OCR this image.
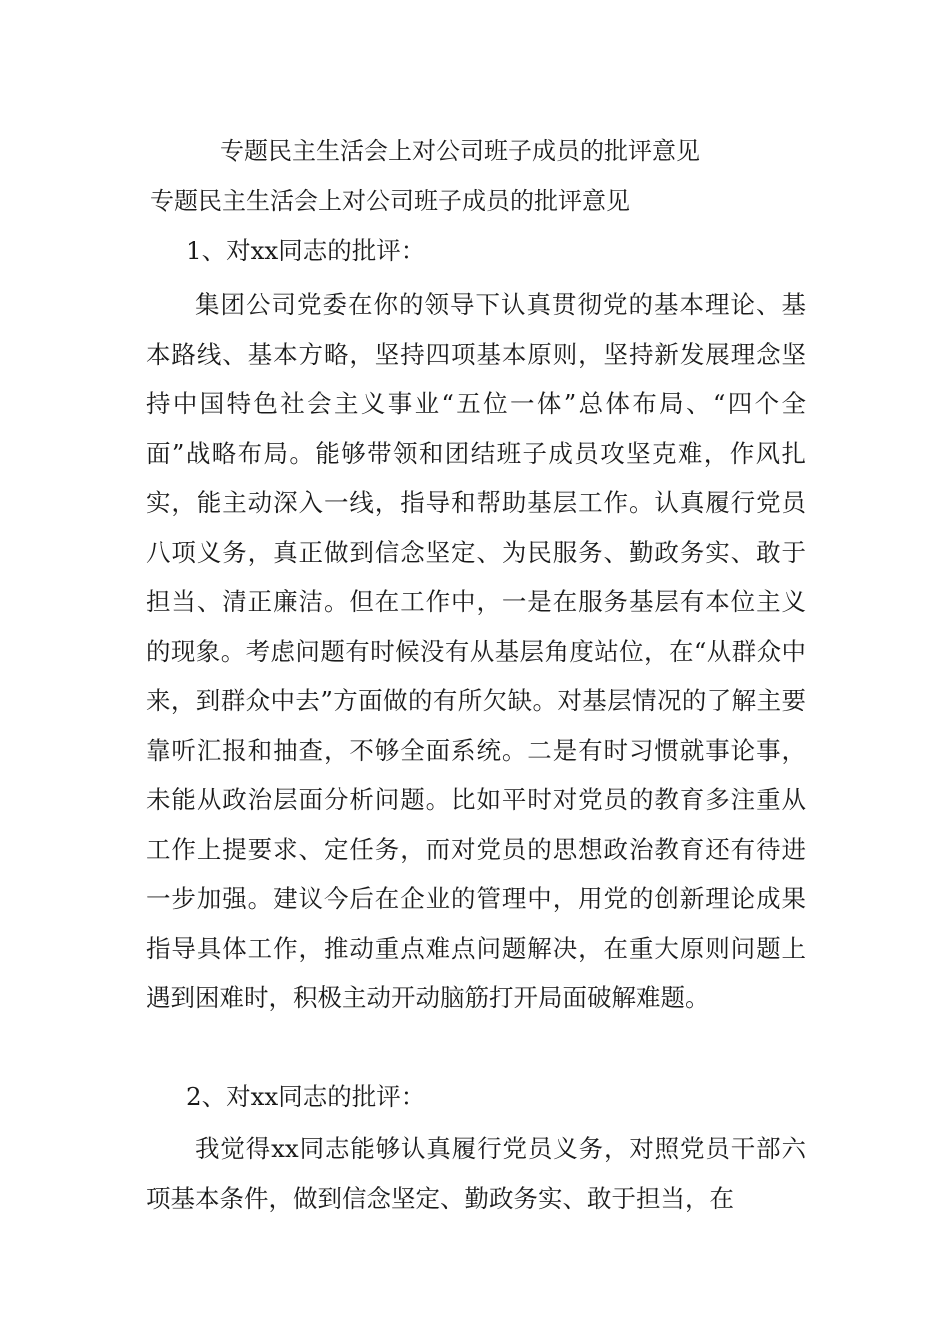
专题民主生活会上对公司班子成员的批评意见

专题民主生活会上对公司班子成员的批评意见

1、对xx同志的批评：

集团公司党委在你的领导下认真贯彻党的基本理论、基本路线、基本方略，坚持四项基本原则，坚持新发展理念坚持中国特色社会主义事业“五位一体”总体布局、“四个全面”战略布局。能够带领和团结班子成员攻坚克难，作风扎实，能主动深入一线，指导和帮助基层工作。认真履行党员八项义务，真正做到信念坚定、为民服务、勤政务实、敢于担当、清正廉洁。但在工作中，一是在服务基层有本位主义的现象。考虑问题有时候没有从基层角度站位，在“从群众中来，到群众中去”方面做的有所欠缺。对基层情况的了解主要靠听汇报和抽查，不够全面系统。二是有时习惯就事论事，未能从政治层面分析问题。比如平时对党员的教育多注重从工作上提要求、定任务，而对党员的思想政治教育还有待进一步加强。建议今后在企业的管理中，用党的创新理论成果指导具体工作，推动重点难点问题解决，在重大原则问题上遇到困难时，积极主动开动脑筋打开局面破解难题。

2、对xx同志的批评：

我觉得xx同志能够认真履行党员义务，对照党员干部六项基本条件，做到信念坚定、勤政务实、敢于担当，在
